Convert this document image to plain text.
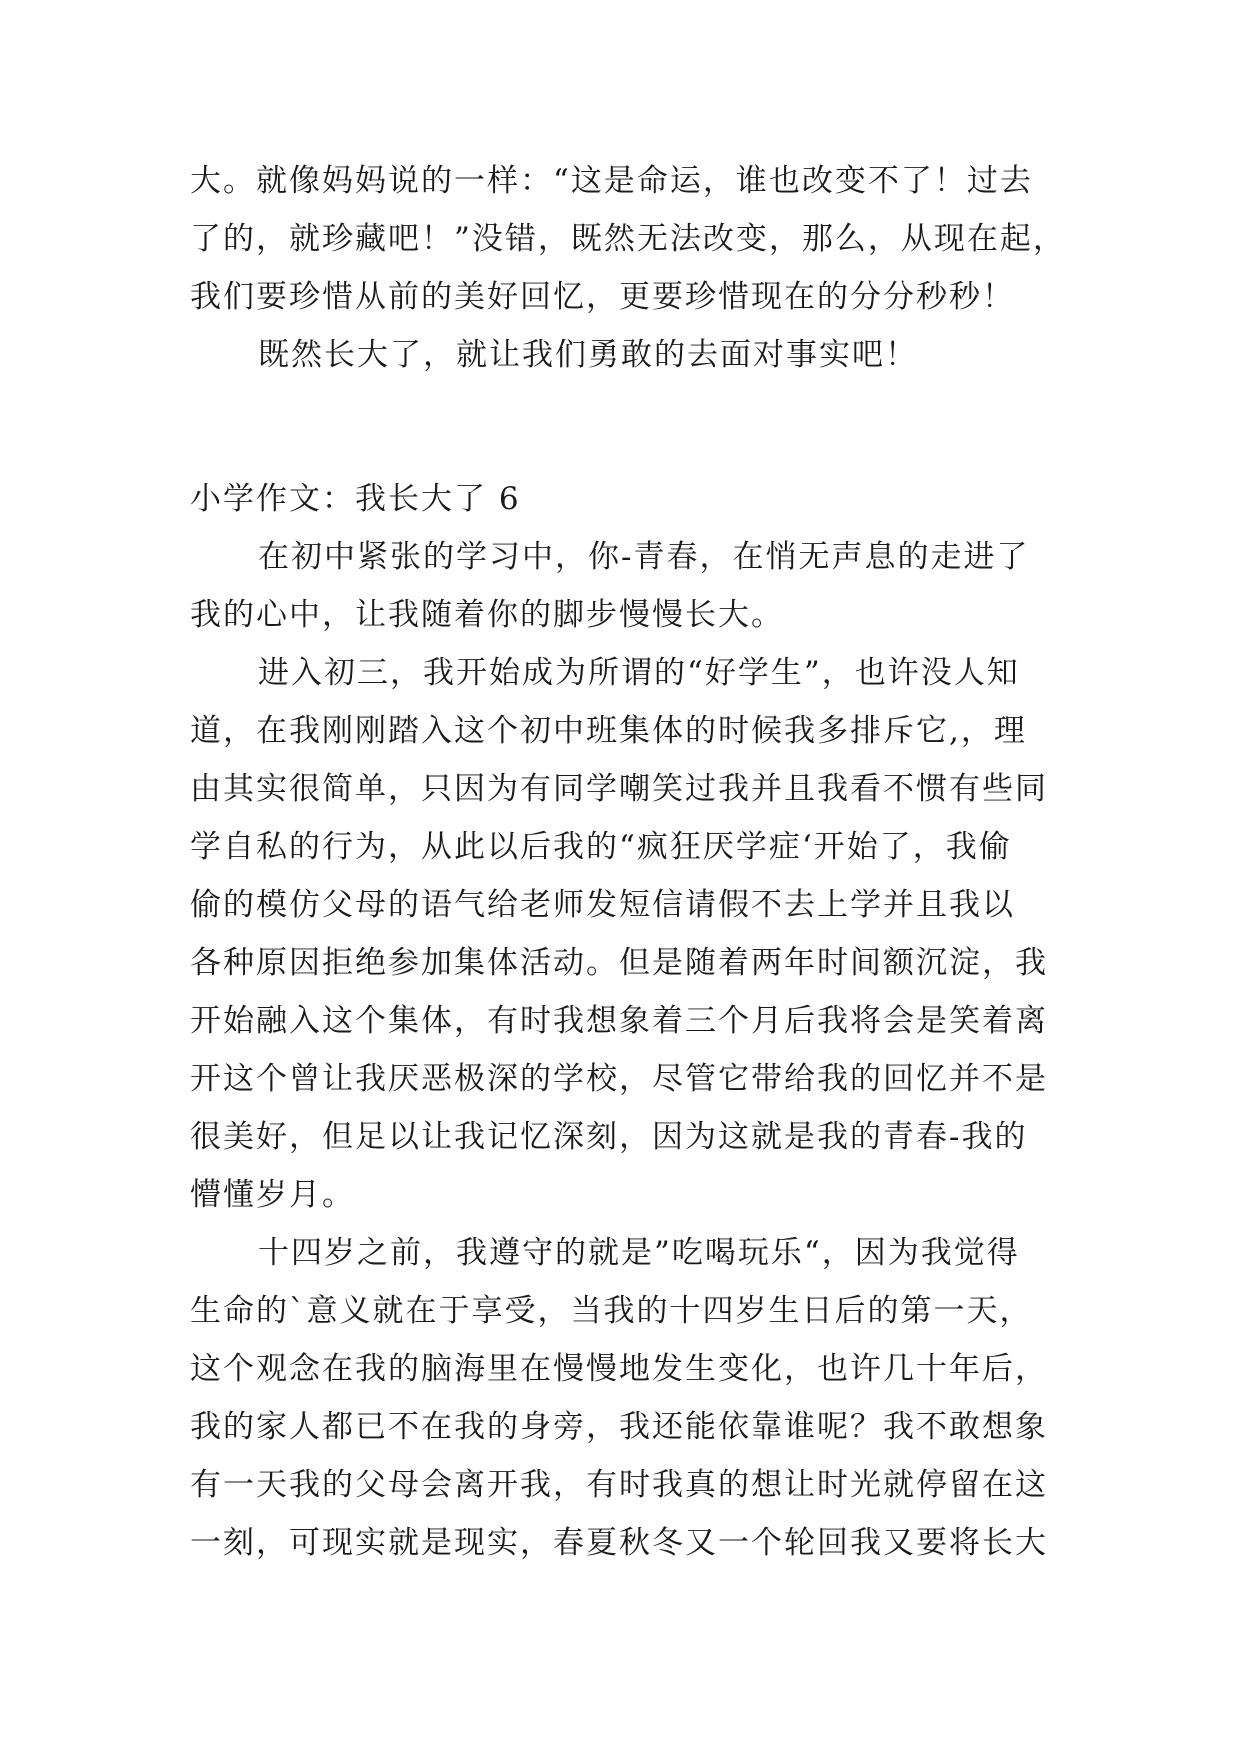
大。就像妈妈说的一样：“这是命运，谁也改变不了！过去
了的，就珍藏吧！”没错，既然无法改变，那么，从现在起，
我们要珍惜从前的美好回忆，更要珍惜现在的分分秒秒！
既然长大了，就让我们勇敢的去面对事实吧！
小学作文：我长大了 6
在初中紧张的学习中，你-青春，在悄无声息的走进了
我的心中，让我随着你的脚步慢慢长大。
进入初三，我开始成为所谓的“好学生”，也许没人知
道，在我刚刚踏入这个初中班集体的时候我多排斥它,，理
由其实很简单，只因为有同学嘲笑过我并且我看不惯有些同
学自私的行为，从此以后我的“疯狂厌学症‘开始了，我偷
偷的模仿父母的语气给老师发短信请假不去上学并且我以
各种原因拒绝参加集体活动。但是随着两年时间额沉淀，我
开始融入这个集体，有时我想象着三个月后我将会是笑着离
开这个曾让我厌恶极深的学校，尽管它带给我的回忆并不是
很美好，但足以让我记忆深刻，因为这就是我的青春-我的
懵懂岁月。
十四岁之前，我遵守的就是”吃喝玩乐“，因为我觉得
生命的`意义就在于享受，当我的十四岁生日后的第一天，
这个观念在我的脑海里在慢慢地发生变化，也许几十年后，
我的家人都已不在我的身旁，我还能依靠谁呢？我不敢想象
有一天我的父母会离开我，有时我真的想让时光就停留在这
一刻，可现实就是现实，春夏秋冬又一个轮回我又要将长大
